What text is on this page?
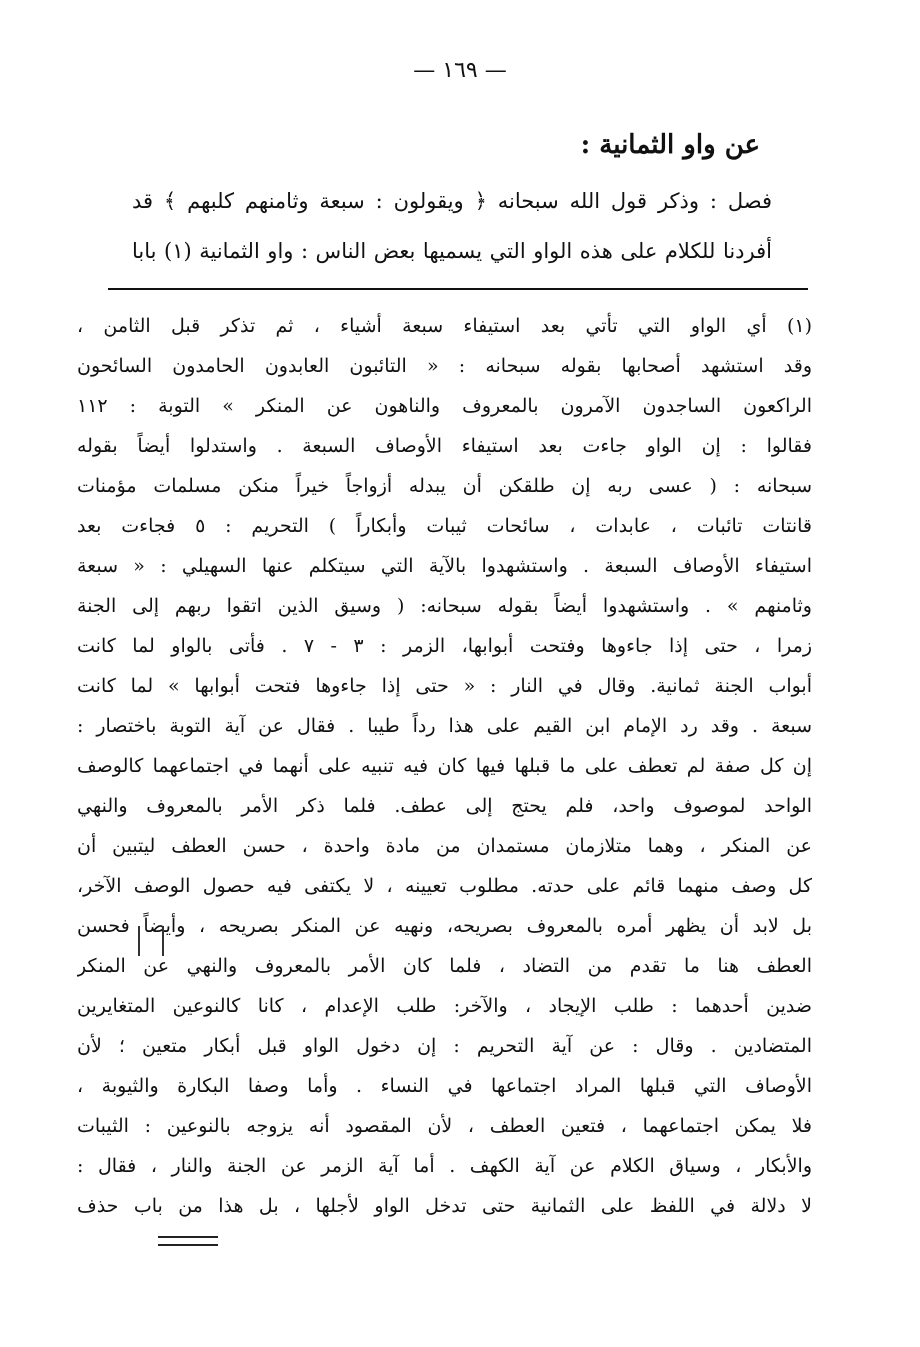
— ١٦٩ —
عن واو الثمانية :
فصل : وذكر قول الله سبحانه ﴿ ويقولون : سبعة وثامنهم كلبهم ﴾ قد
أفردنا للكلام على هذه الواو التي يسميها بعض الناس : واو الثمانية (١) بابا
(١) أي الواو التي تأتي بعد استيفاء سبعة أشياء ، ثم تذكر قبل الثامن ،
وقد استشهد أصحابها بقوله سبحانه : « التائبون العابدون الحامدون السائحون
الراكعون الساجدون الآمرون بالمعروف والناهون عن المنكر » التوبة : ١١٢
فقالوا : إن الواو جاءت بعد استيفاء الأوصاف السبعة . واستدلوا أيضاً بقوله
سبحانه : ( عسى ربه إن طلقكن أن يبدله أزواجاً خيراً منكن مسلمات مؤمنات
قانتات تائبات ، عابدات ، سائحات ثيبات وأبكاراً ) التحريم : ٥ فجاءت بعد
استيفاء الأوصاف السبعة . واستشهدوا بالآية التي سيتكلم عنها السهيلي : « سبعة
وثامنهم » . واستشهدوا أيضاً بقوله سبحانه: ( وسيق الذين اتقوا ربهم إلى الجنة
زمرا ، حتى إذا جاءوها وفتحت أبوابها، الزمر : ٣ - ٧ . فأتى بالواو لما كانت
أبواب الجنة ثمانية. وقال في النار : « حتى إذا جاءوها فتحت أبوابها » لما كانت
سبعة . وقد رد الإمام ابن القيم على هذا رداً طيبا . فقال عن آية التوبة باختصار :
إن كل صفة لم تعطف على ما قبلها فيها كان فيه تنبيه على أنهما في اجتماعهما كالوصف
الواحد لموصوف واحد، فلم يحتج إلى عطف. فلما ذكر الأمر بالمعروف والنهي
عن المنكر ، وهما متلازمان مستمدان من مادة واحدة ، حسن العطف ليتبين أن
كل وصف منهما قائم على حدته. مطلوب تعيينه ، لا يكتفى فيه حصول الوصف الآخر،
بل لابد أن يظهر أمره بالمعروف بصريحه، ونهيه عن المنكر بصريحه ، وأيضاً فحسن
العطف هنا ما تقدم من التضاد ، فلما كان الأمر بالمعروف والنهي عن المنكر
ضدين أحدهما : طلب الإيجاد ، والآخر: طلب الإعدام ، كانا كالنوعين المتغايرين
المتضادين . وقال : عن آية التحريم : إن دخول الواو قبل أبكار متعين ؛ لأن
الأوصاف التي قبلها المراد اجتماعها في النساء . وأما وصفا البكارة والثيوبة ،
فلا يمكن اجتماعهما ، فتعين العطف ، لأن المقصود أنه يزوجه بالنوعين : الثيبات
والأبكار ، وسياق الكلام عن آية الكهف . أما آية الزمر عن الجنة والنار ، فقال :
لا دلالة في اللفظ على الثمانية حتى تدخل الواو لأجلها ، بل هذا من باب حذف
